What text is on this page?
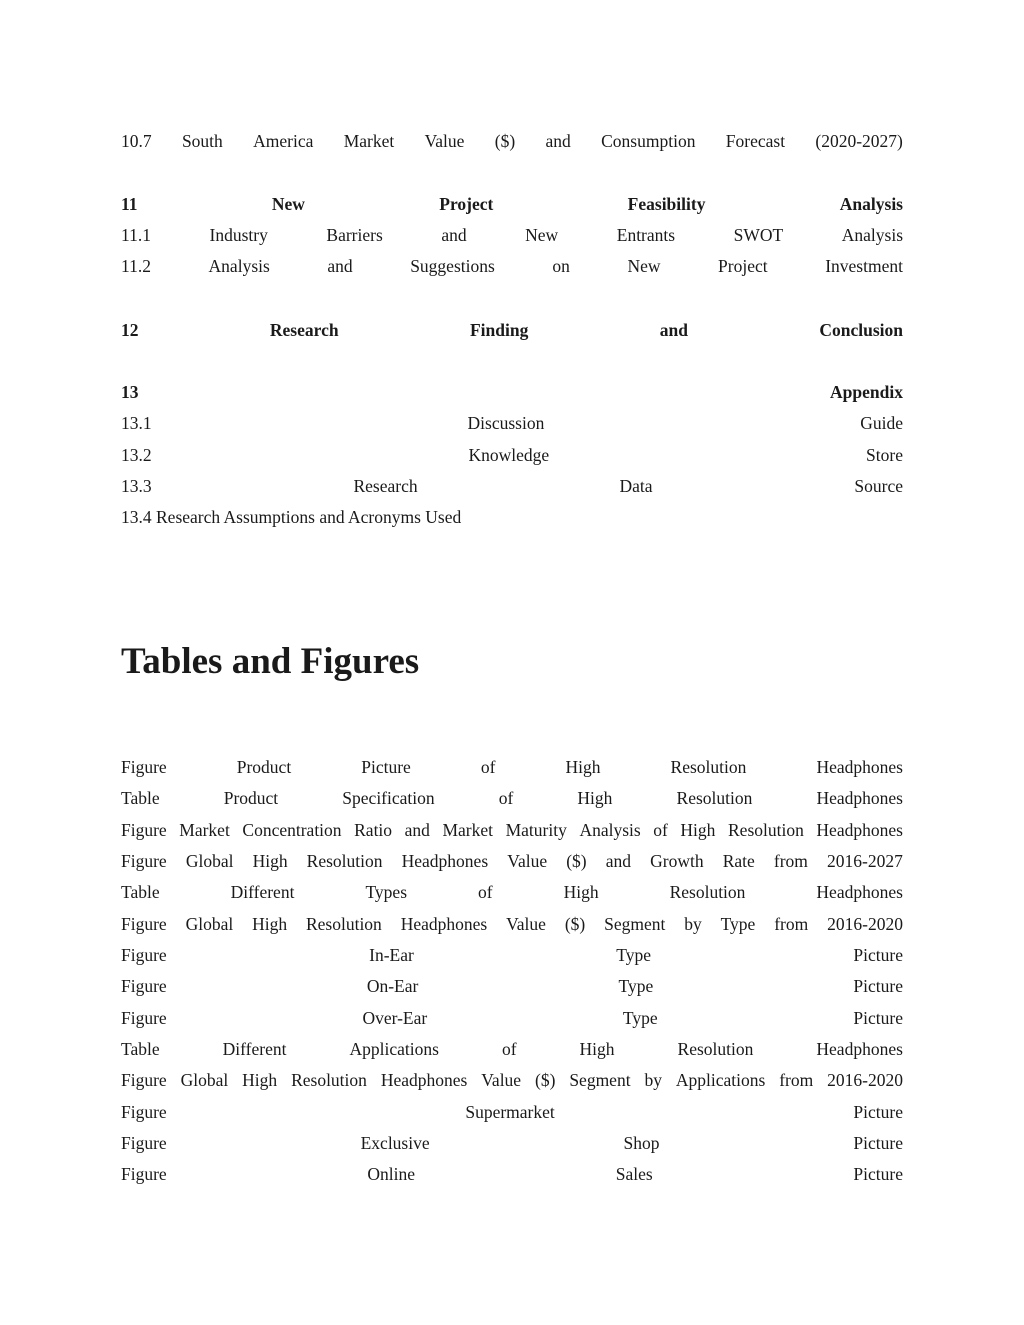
10.7 South America Market Value ($) and Consumption Forecast (2020-2027)
11	New	Project	Feasibility	Analysis
11.1	Industry	Barriers	and	New	Entrants	SWOT	Analysis
11.2	Analysis	and	Suggestions	on	New	Project	Investment
12	Research	Finding	and	Conclusion
13	Appendix
13.1	Discussion	Guide
13.2	Knowledge	Store
13.3	Research	Data	Source
13.4 Research Assumptions and Acronyms Used
Tables and Figures
Figure	Product	Picture	of	High	Resolution	Headphones
Table	Product	Specification	of	High	Resolution	Headphones
Figure Market Concentration Ratio and Market Maturity Analysis of High Resolution Headphones
Figure Global High Resolution Headphones Value ($) and Growth Rate from 2016-2027
Table	Different	Types	of	High	Resolution	Headphones
Figure Global High Resolution Headphones Value ($) Segment by Type from 2016-2020
Figure	In-Ear	Type	Picture
Figure	On-Ear	Type	Picture
Figure	Over-Ear	Type	Picture
Table	Different	Applications	of	High	Resolution	Headphones
Figure Global High Resolution Headphones Value ($) Segment by Applications from 2016-2020
Figure	Supermarket	Picture
Figure	Exclusive	Shop	Picture
Figure	Online	Sales	Picture
